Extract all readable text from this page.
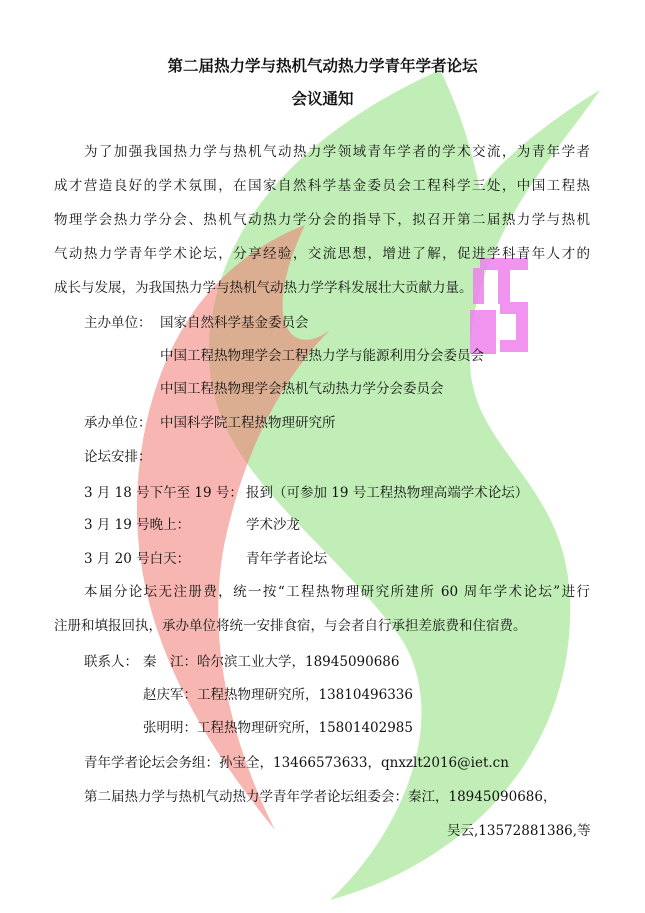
第二届热力学与热机气动热力学青年学者论坛
会议通知
为了加强我国热力学与热机气动热力学领域青年学者的学术交流，为青年学者
成才营造良好的学术氛围，在国家自然科学基金委员会工程科学三处，中国工程热
物理学会热力学分会、热机气动热力学分会的指导下，拟召开第二届热力学与热机
气动热力学青年学术论坛，分享经验，交流思想，增进了解，促进学科青年人才的
成长与发展，为我国热力学与热机气动热力学学科发展壮大贡献力量。
主办单位： 国家自然科学基金委员会
中国工程热物理学会工程热力学与能源利用分会委员会
中国工程热物理学会热机气动热力学分会委员会
承办单位： 中国科学院工程热物理研究所
论坛安排：
3 月 18 号下午至 19 号： 报到（可参加 19 号工程热物理高端学术论坛）
3 月 19 号晚上：	学术沙龙
3 月 20 号白天：	青年学者论坛
本届分论坛无注册费，统一按“工程热物理研究所建所 60 周年学术论坛”进行
注册和填报回执，承办单位将统一安排食宿，与会者自行承担差旅费和住宿费。
联系人： 秦　江：哈尔滨工业大学，18945090686
赵庆军：工程热物理研究所，13810496336
张明明：工程热物理研究所，15801402985
青年学者论坛会务组：孙宝全，13466573633，qnxzlt2016@iet.cn
第二届热力学与热机气动热力学青年学者论坛组委会：秦江，18945090686，
吴云,13572881386,等
